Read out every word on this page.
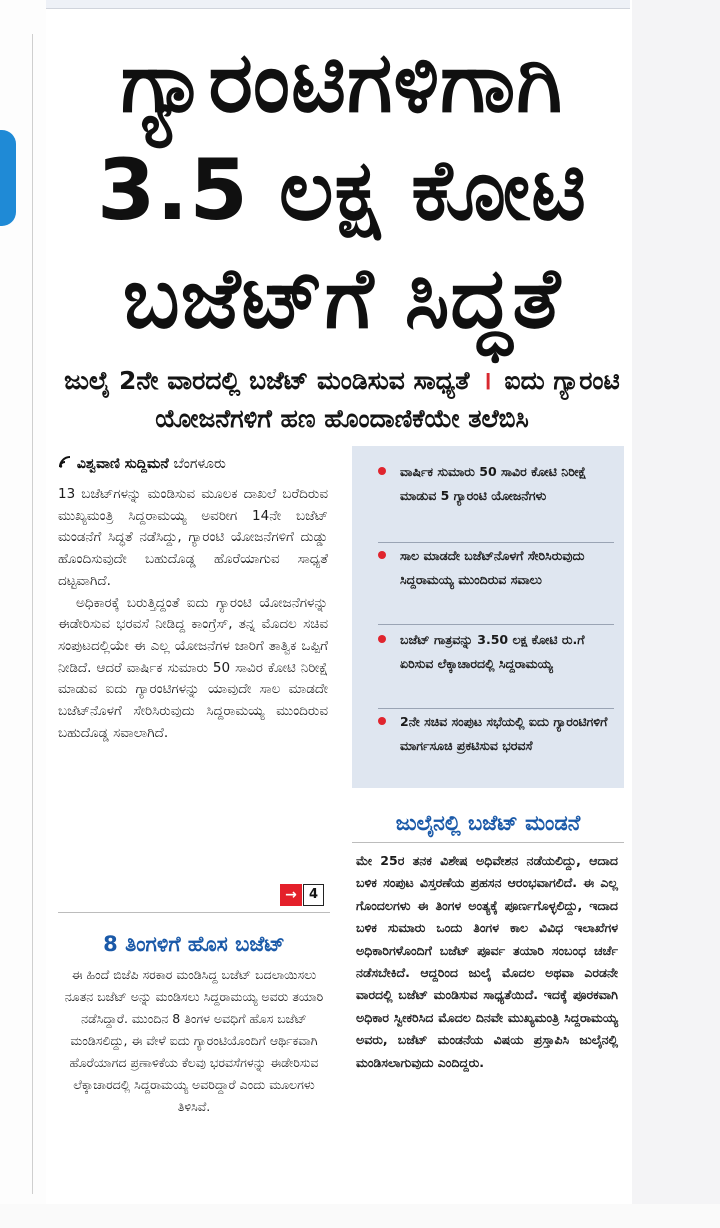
ಗ್ಯಾರಂಟಿಗಳಿಗಾಗಿ
3.5 ಲಕ್ಷ ಕೋಟಿ
ಬಜೆಟ್‌ಗೆ ಸಿದ್ಧತೆ
ಜುಲೈ 2ನೇ ವಾರದಲ್ಲಿ ಬಜೆಟ್ ಮಂಡಿಸುವ ಸಾಧ್ಯತೆ । ಐದು ಗ್ಯಾರಂಟಿ ಯೋಜನೆಗಳಿಗೆ ಹಣ ಹೊಂದಾಣಿಕೆಯೇ ತಲೆಬಿಸಿ
ವಿಶ್ವವಾಣಿ ಸುದ್ದಿಮನೆ ಬೆಂಗಳೂರು

13 ಬಜೆಟ್‌ಗಳನ್ನು ಮಂಡಿಸುವ ಮೂಲಕ ದಾಖಲೆ ಬರೆದಿರುವ ಮುಖ್ಯಮಂತ್ರಿ ಸಿದ್ದರಾಮಯ್ಯ ಅವರೀಗ 14ನೇ ಬಜೆಟ್ ಮಂಡನೆಗೆ ಸಿದ್ಧತೆ ನಡೆಸಿದ್ದು, ಗ್ಯಾರಂಟಿ ಯೋಜನೆಗಳಿಗೆ ದುಡ್ಡು ಹೊಂದಿಸುವುದೇ ಬಹುದೊಡ್ಡ ಹೊರೆಯಾಗುವ ಸಾಧ್ಯತೆ ದಟ್ಟವಾಗಿದೆ.

ಅಧಿಕಾರಕ್ಕೆ ಬರುತ್ತಿದ್ದಂತೆ ಐದು ಗ್ಯಾರಂಟಿ ಯೋಜನೆಗಳನ್ನು ಈಡೇರಿಸುವ ಭರವಸೆ ನೀಡಿದ್ದ ಕಾಂಗ್ರೆಸ್, ತನ್ನ ಮೊದಲ ಸಚಿವ ಸಂಪುಟದಲ್ಲಿಯೇ ಈ ಎಲ್ಲ ಯೋಜನೆಗಳ ಜಾರಿಗೆ ತಾತ್ವಿಕ ಒಪ್ಪಿಗೆ ನೀಡಿದೆ. ಆದರೆ ವಾರ್ಷಿಕ ಸುಮಾರು 50 ಸಾವಿರ ಕೋಟಿ ನಿರೀಕ್ಷೆ ಮಾಡುವ ಐದು ಗ್ಯಾರಂಟಿಗಳನ್ನು ಯಾವುದೇ ಸಾಲ ಮಾಡದೇ ಬಜೆಟ್‌ನೊಳಗೆ ಸೇರಿಸಿರುವುದು ಸಿದ್ದರಾಮಯ್ಯ ಮುಂದಿರುವ ಬಹುದೊಡ್ಡ ಸವಾಲಾಗಿದೆ.

→ 4
8 ತಿಂಗಳಿಗೆ ಹೊಸ ಬಜೆಟ್

ಈ ಹಿಂದೆ ಬಿಜೆಪಿ ಸರಕಾರ ಮಂಡಿಸಿದ್ದ ಬಜೆಟ್ ಬದಲಾಯಿಸಲು ನೂತನ ಬಜೆಟ್ ಅನ್ನು ಮಂಡಿಸಲು ಸಿದ್ದರಾಮಯ್ಯ ಅವರು ತಯಾರಿ ನಡೆಸಿದ್ದಾರೆ. ಮುಂದಿನ 8 ತಿಂಗಳ ಅವಧಿಗೆ ಹೊಸ ಬಜೆಟ್ ಮಂಡಿಸಲಿದ್ದು, ಈ ವೇಳೆ ಐದು ಗ್ಯಾರಂಟಿಯೊಂದಿಗೆ ಆರ್ಥಿಕವಾಗಿ ಹೊರೆಯಾಗದ ಪ್ರಣಾಳಿಕೆಯ ಕೆಲವು ಭರವಸೆಗಳನ್ನು ಈಡೇರಿಸುವ ಲೆಕ್ಕಾಚಾರದಲ್ಲಿ ಸಿದ್ದರಾಮಯ್ಯ ಅವರಿದ್ದಾರೆ ಎಂದು ಮೂಲಗಳು ತಿಳಿಸಿವೆ.

ವಾರ್ಷಿಕ ಸುಮಾರು 50 ಸಾವಿರ ಕೋಟಿ ನಿರೀಕ್ಷೆ ಮಾಡುವ 5 ಗ್ಯಾರಂಟಿ ಯೋಜನೆಗಳು
ಸಾಲ ಮಾಡದೇ ಬಜೆಟ್‌ನೊಳಗೆ ಸೇರಿಸಿರುವುದು ಸಿದ್ದರಾಮಯ್ಯ ಮುಂದಿರುವ ಸವಾಲು
ಬಜೆಟ್ ಗಾತ್ರವನ್ನು 3.50 ಲಕ್ಷ ಕೋಟಿ ರು.ಗೆ ಏರಿಸುವ ಲೆಕ್ಕಾಚಾರದಲ್ಲಿ ಸಿದ್ದರಾಮಯ್ಯ
2ನೇ ಸಚಿವ ಸಂಪುಟ ಸಭೆಯಲ್ಲಿ ಐದು ಗ್ಯಾರಂಟಿಗಳಿಗೆ ಮಾರ್ಗಸೂಚಿ ಪ್ರಕಟಿಸುವ ಭರವಸೆ
ಜುಲೈನಲ್ಲಿ ಬಜೆಟ್ ಮಂಡನೆ

ಮೇ 25ರ ತನಕ ವಿಶೇಷ ಅಧಿವೇಶನ ನಡೆಯಲಿದ್ದು, ಆದಾದ ಬಳಿಕ ಸಂಪುಟ ವಿಸ್ತರಣೆಯ ಪ್ರಹಸನ ಆರಂಭವಾಗಲಿದೆ. ಈ ಎಲ್ಲ ಗೊಂದಲಗಳು ಈ ತಿಂಗಳ ಅಂತ್ಯಕ್ಕೆ ಪೂರ್ಣಗೊಳ್ಳಲಿದ್ದು, ಇದಾದ ಬಳಿಕ ಸುಮಾರು ಒಂದು ತಿಂಗಳ ಕಾಲ ವಿವಿಧ ಇಲಾಖೆಗಳ ಅಧಿಕಾರಿಗಳೊಂದಿಗೆ ಬಜೆಟ್ ಪೂರ್ವ ತಯಾರಿ ಸಂಬಂಧ ಚರ್ಚೆ ನಡೆಸಬೇಕಿದೆ. ಆದ್ದರಿಂದ ಜುಲೈ ಮೊದಲ ಅಥವಾ ಎರಡನೇ ವಾರದಲ್ಲಿ ಬಜೆಟ್ ಮಂಡಿಸುವ ಸಾಧ್ಯತೆಯಿದೆ. ಇದಕ್ಕೆ ಪೂರಕವಾಗಿ ಅಧಿಕಾರ ಸ್ವೀಕರಿಸಿದ ಮೊದಲ ದಿನವೇ ಮುಖ್ಯಮಂತ್ರಿ ಸಿದ್ದರಾಮಯ್ಯ ಅವರು, ಬಜೆಟ್ ಮಂಡನೆಯ ವಿಷಯ ಪ್ರಸ್ತಾಪಿಸಿ ಜುಲೈನಲ್ಲಿ ಮಂಡಿಸಲಾಗುವುದು ಎಂದಿದ್ದರು.
